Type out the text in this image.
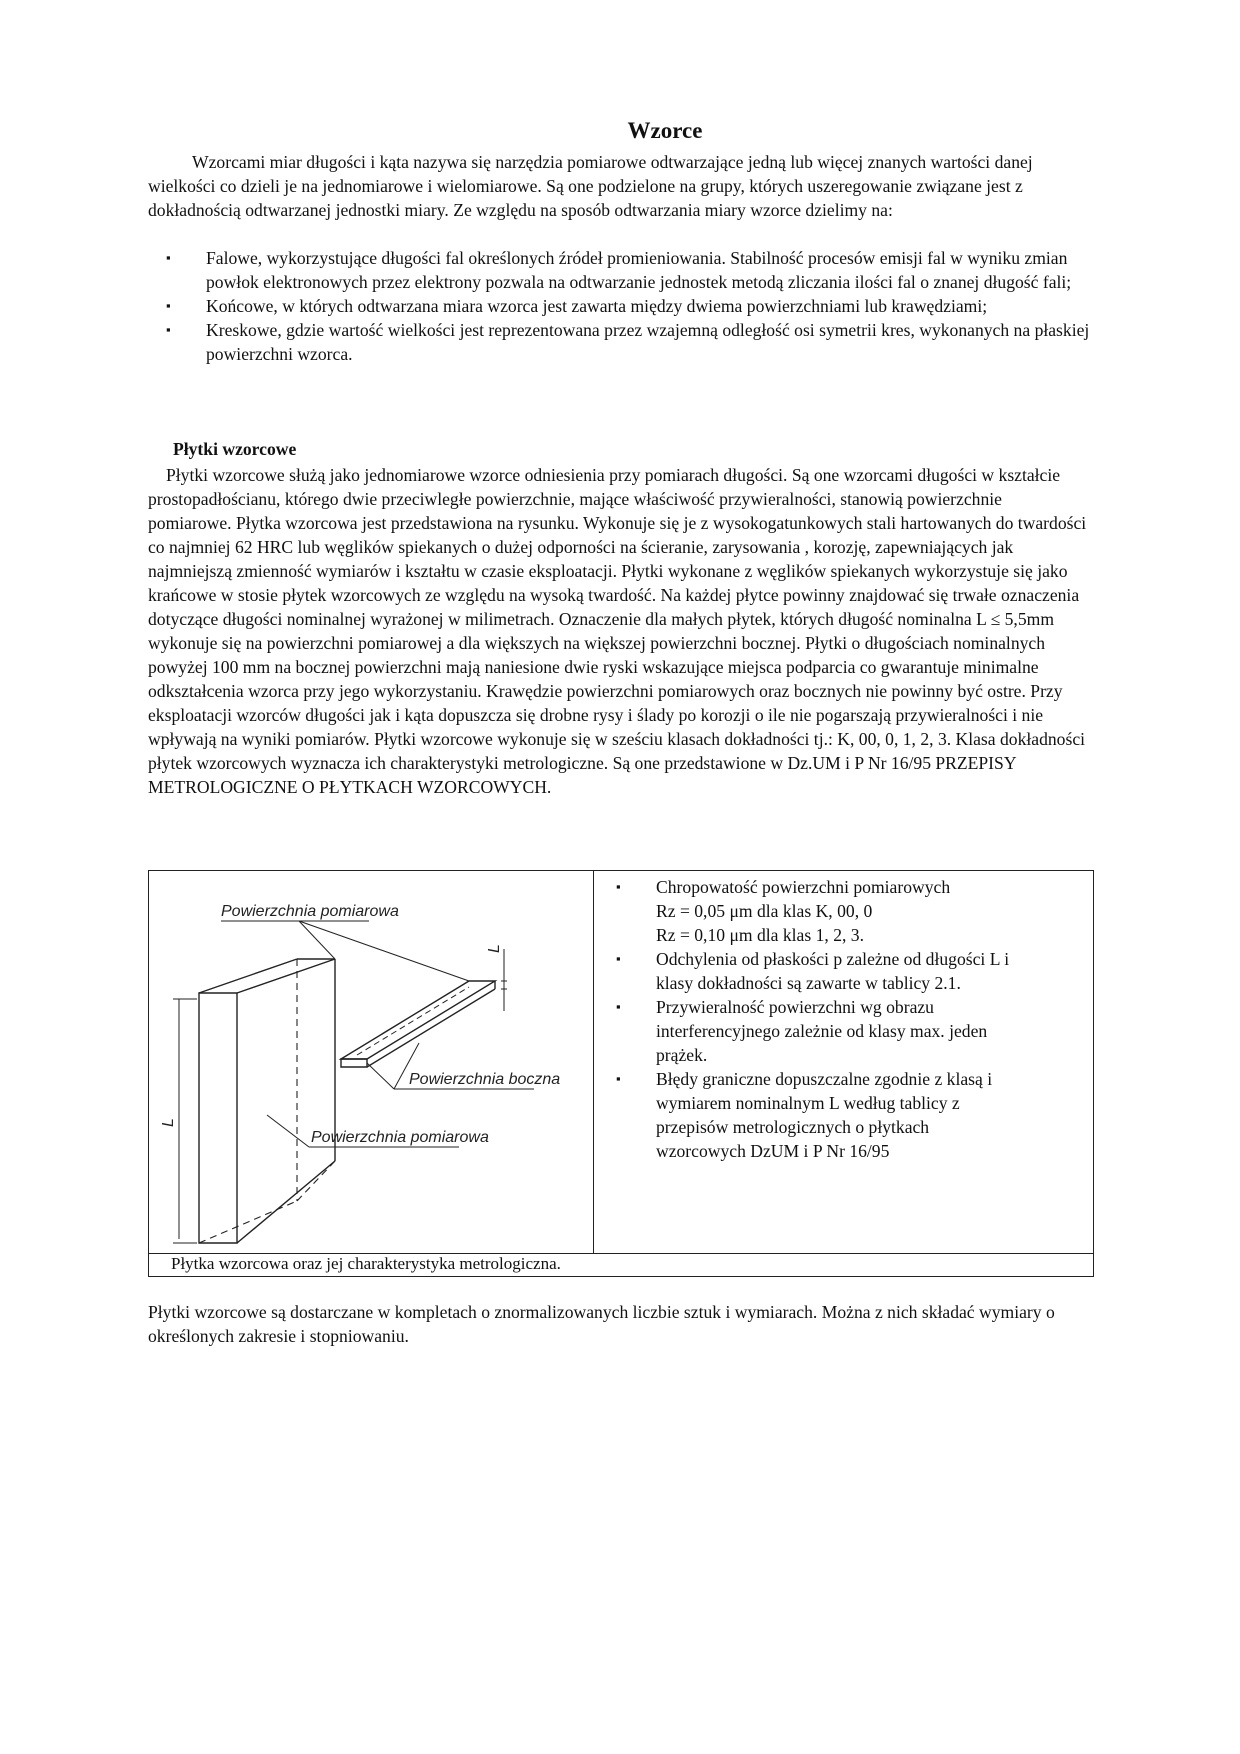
Wzorce
Wzorcami miar długości i kąta nazywa się narzędzia pomiarowe odtwarzające jedną lub więcej znanych wartości danej wielkości co dzieli je na jednomiarowe i wielomiarowe. Są one podzielone na grupy, których uszeregowanie związane jest z dokładnością odtwarzanej jednostki miary. Ze względu na sposób odtwarzania miary wzorce dzielimy na:
▪ Falowe, wykorzystujące długości fal określonych źródeł promieniowania. Stabilność procesów emisji fal w wyniku zmian powłok elektronowych przez elektrony pozwala na odtwarzanie jednostek metodą zliczania ilości fal o znanej długość fali;
▪ Końcowe, w których odtwarzana miara wzorca jest zawarta między dwiema powierzchniami lub krawędziami;
▪ Kreskowe, gdzie wartość wielkości jest reprezentowana przez wzajemną odległość osi symetrii kres, wykonanych na płaskiej powierzchni wzorca.
Płytki wzorcowe
Płytki wzorcowe służą jako jednomiarowe wzorce odniesienia przy pomiarach długości. Są one wzorcami długości w kształcie prostopadłościanu, którego dwie przeciwległe powierzchnie, mające właściwość przywieralności, stanowią powierzchnie pomiarowe. Płytka wzorcowa jest przedstawiona na rysunku. Wykonuje się je z wysokogatunkowych stali hartowanych do twardości co najmniej 62 HRC lub węglików spiekanych o dużej odporności na ścieranie, zarysowania , korozję, zapewniających jak najmniejszą zmienność wymiarów i kształtu w czasie eksploatacji. Płytki wykonane z węglików spiekanych wykorzystuje się jako krańcowe w stosie płytek wzorcowych ze względu na wysoką twardość. Na każdej płytce powinny znajdować się trwałe oznaczenia dotyczące długości nominalnej wyrażonej w milimetrach. Oznaczenie dla małych płytek, których długość nominalna L ≤ 5,5mm wykonuje się na powierzchni pomiarowej a dla większych na większej powierzchni bocznej. Płytki o długościach nominalnych powyżej 100 mm na bocznej powierzchni mają naniesione dwie ryski wskazujące miejsca podparcia co gwarantuje minimalne odkształcenia wzorca przy jego wykorzystaniu. Krawędzie powierzchni pomiarowych oraz bocznych nie powinny być ostre. Przy eksploatacji wzorców długości jak i kąta dopuszcza się drobne rysy i ślady po korozji o ile nie pogarszają przywieralności i nie wpływają na wyniki pomiarów. Płytki wzorcowe wykonuje się w sześciu klasach dokładności tj.: K, 00, 0, 1, 2, 3. Klasa dokładności płytek wzorcowych wyznacza ich charakterystyki metrologiczne. Są one przedstawione w Dz.UM i P Nr 16/95 PRZEPISY METROLOGICZNE O PŁYTKACH WZORCOWYCH.
Powierzchnia pomiarowa
Powierzchnia boczna
Powierzchnia pomiarowa
L
L

▪ Chropowatość powierzchni pomiarowych
Rz = 0,05 μm dla klas K, 00, 0
Rz = 0,10 μm dla klas 1, 2, 3.
▪ Odchylenia od płaskości p zależne od długości L i klasy dokładności są zawarte w tablicy 2.1.
▪ Przywieralność powierzchni wg obrazu interferencyjnego zależnie od klasy max. jeden prążek.
▪ Błędy graniczne dopuszczalne zgodnie z klasą i wymiarem nominalnym L według tablicy z przepisów metrologicznych o płytkach wzorcowych DzUM i P Nr 16/95

Płytka wzorcowa oraz jej charakterystyka metrologiczna.
Płytki wzorcowe są dostarczane w kompletach o znormalizowanych liczbie sztuk i wymiarach. Można z nich składać wymiary o określonych zakresie i stopniowaniu.
